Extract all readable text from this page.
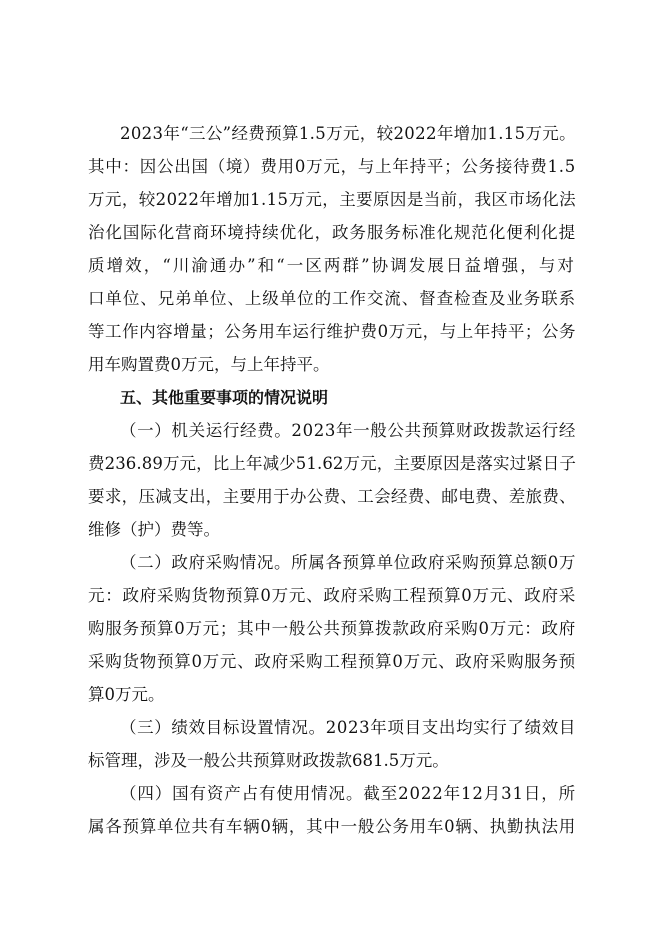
2023年“三公”经费预算1.5万元，较2022年增加1.15万元。

其中：因公出国（境）费用0万元，与上年持平；公务接待费1.5

万元，较2022年增加1.15万元，主要原因是当前，我区市场化法

治化国际化营商环境持续优化，政务服务标准化规范化便利化提

质增效，“川渝通办”和“一区两群”协调发展日益增强，与对

口单位、兄弟单位、上级单位的工作交流、督查检查及业务联系

等工作内容增量；公务用车运行维护费0万元，与上年持平；公务

用车购置费0万元，与上年持平。

五、其他重要事项的情况说明

（一）机关运行经费。2023年一般公共预算财政拨款运行经

费236.89万元，比上年减少51.62万元，主要原因是落实过紧日子

要求，压减支出，主要用于办公费、工会经费、邮电费、差旅费、

维修（护）费等。

（二）政府采购情况。所属各预算单位政府采购预算总额0万

元：政府采购货物预算0万元、政府采购工程预算0万元、政府采

购服务预算0万元；其中一般公共预算拨款政府采购0万元：政府

采购货物预算0万元、政府采购工程预算0万元、政府采购服务预

算0万元。

（三）绩效目标设置情况。2023年项目支出均实行了绩效目

标管理，涉及一般公共预算财政拨款681.5万元。

（四）国有资产占有使用情况。截至2022年12月31日，所

属各预算单位共有车辆0辆，其中一般公务用车0辆、执勤执法用
